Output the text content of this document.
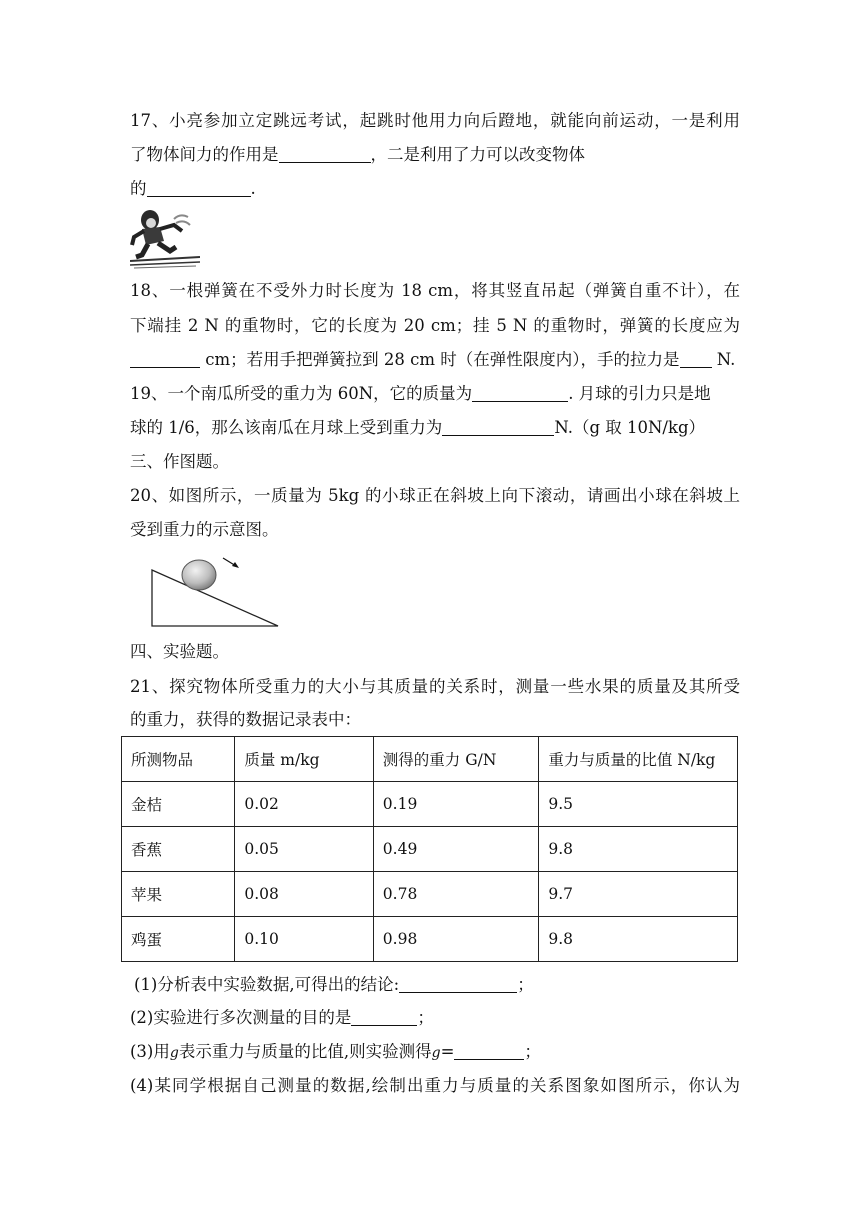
17、小亮参加立定跳远考试，起跳时他用力向后蹬地，就能向前运动，一是利用
了物体间力的作用是	，二是利用了力可以改变物体
的	.
18、一根弹簧在不受外力时长度为 18 cm，将其竖直吊起（弹簧自重不计），在
下端挂 2 N 的重物时，它的长度为 20 cm；挂 5 N 的重物时，弹簧的长度应为
cm；若用手把弹簧拉到 28 cm 时（在弹性限度内），手的拉力是 N.
19、一个南瓜所受的重力为 60N，它的质量为	. 月球的引力只是地
球的 1/6，那么该南瓜在月球上受到重力为	N.（g 取 10N/kg）
三、作图题。
20、如图所示，一质量为 5kg 的小球正在斜坡上向下滚动，请画出小球在斜坡上
受到重力的示意图。
四、实验题。
21、探究物体所受重力的大小与其质量的关系时，测量一些水果的质量及其所受
的重力，获得的数据记录表中：
所测物品	质量 m/kg	测得的重力 G/N	重力与质量的比值 N/kg
金桔	0.02	0.19	9.5
香蕉	0.05	0.49	9.8
苹果	0.08	0.78	9.7
鸡蛋	0.10	0.98	9.8
(1)分析表中实验数据,可得出的结论:	；
(2)实验进行多次测量的目的是	；
(3)用g表示重力与质量的比值,则实验测得g=	；
(4)某同学根据自己测量的数据,绘制出重力与质量的关系图象如图所示，你认为
